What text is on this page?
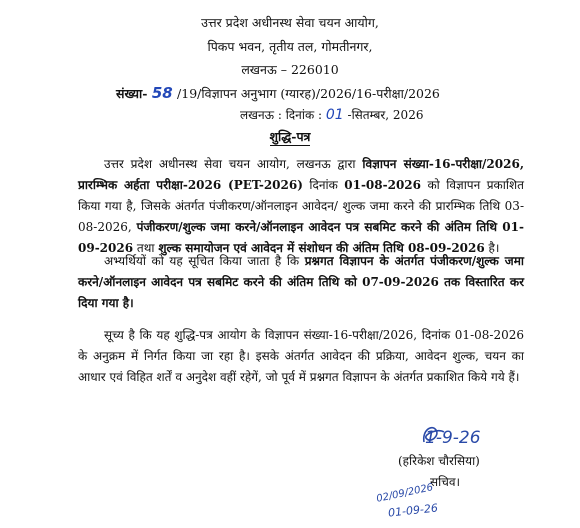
उत्तर प्रदेश अधीनस्थ सेवा चयन आयोग,
पिकप भवन, तृतीय तल, गोमतीनगर,
लखनऊ – 226010
संख्या- 58 /19/विज्ञापन अनुभाग (ग्यारह)/2026/16-परीक्षा/2026
लखनऊ : दिनांक : 01 -सितम्बर, 2026
शुद्धि-पत्र
उत्तर प्रदेश अधीनस्थ सेवा चयन आयोग, लखनऊ द्वारा विज्ञापन संख्या-16-परीक्षा/2026, प्रारम्भिक अर्हता परीक्षा-2026 (PET-2026) दिनांक 01-08-2026 को विज्ञापन प्रकाशित किया गया है, जिसके अंतर्गत पंजीकरण/ऑनलाइन आवेदन/ शुल्क जमा करने की प्रारम्भिक तिथि 03-08-2026, पंजीकरण/शुल्क जमा करने/ऑनलाइन आवेदन पत्र सबमिट करने की अंतिम तिथि 01-09-2026 तथा शुल्क समायोजन एवं आवेदन में संशोधन की अंतिम तिथि 08-09-2026 है।
अभ्यर्थियों को यह सूचित किया जाता है कि प्रश्नगत विज्ञापन के अंतर्गत पंजीकरण/शुल्क जमा करने/ऑनलाइन आवेदन पत्र सबमिट करने की अंतिम तिथि को 07-09-2026 तक विस्तारित कर दिया गया है।
सूच्य है कि यह शुद्धि-पत्र आयोग के विज्ञापन संख्या-16-परीक्षा/2026, दिनांक 01-08-2026 के अनुक्रम में निर्गत किया जा रहा है। इसके अंतर्गत आवेदन की प्रक्रिया, आवेदन शुल्क, चयन का आधार एवं विहित शर्तें व अनुदेश वहीं रहेगें, जो पूर्व में प्रश्नगत विज्ञापन के अंतर्गत प्रकाशित किये गये हैं।
1-9-26
(हरिकेश चौरसिया)
सचिव।
02/09/2026
01-09-26
